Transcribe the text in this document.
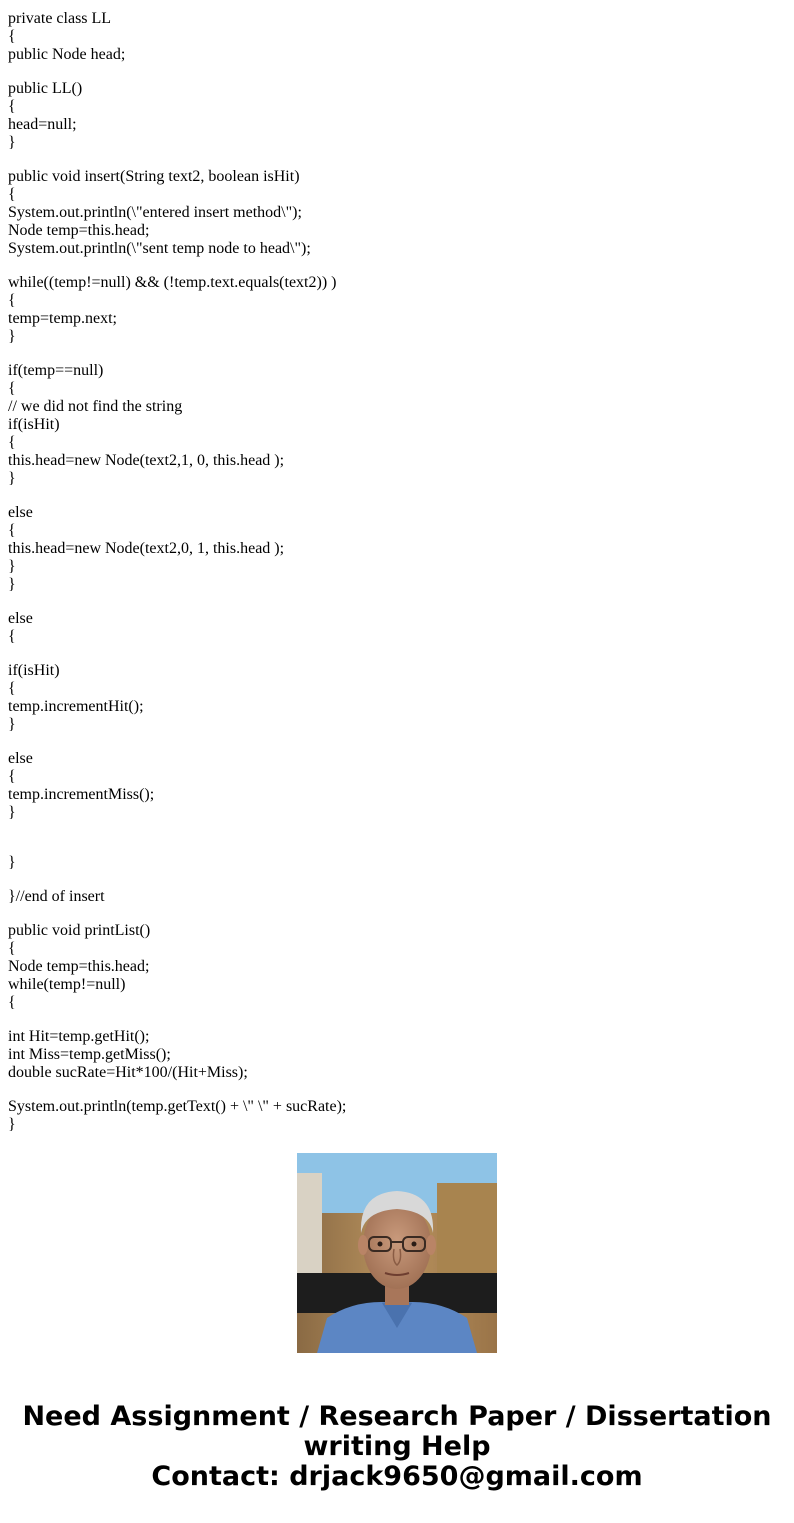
private class LL
{
public Node head;
public LL()
{
head=null;
}
public void insert(String text2, boolean isHit)
{
System.out.println(\"entered insert method\");
Node temp=this.head;
System.out.println(\"sent temp node to head\");
while((temp!=null) && (!temp.text.equals(text2)) )
{
temp=temp.next;
}
if(temp==null)
{
// we did not find the string
if(isHit)
{
this.head=new Node(text2,1, 0, this.head );
}
else
{
this.head=new Node(text2,0, 1, this.head );
}
}
else
{
if(isHit)
{
temp.incrementHit();
}
else
{
temp.incrementMiss();
}
}
}//end of insert
public void printList()
{
Node temp=this.head;
while(temp!=null)
{
int Hit=temp.getHit();
int Miss=temp.getMiss();
double sucRate=Hit*100/(Hit+Miss);
System.out.println(temp.getText() + \" \" + sucRate);
}
Need Assignment / Research Paper / Dissertation
writing Help
Contact: drjack9650@gmail.com
